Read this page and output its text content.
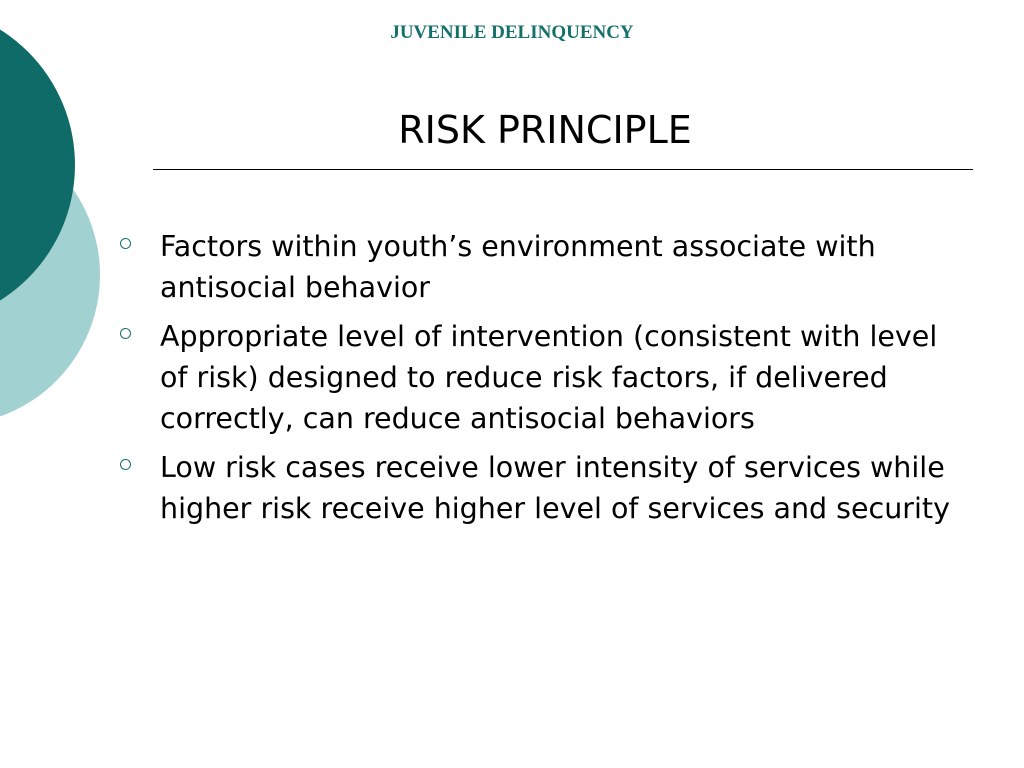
JUVENILE DELINQUENCY
RISK PRINCIPLE
Factors within youth’s environment associate with antisocial behavior
Appropriate level of intervention (consistent with level of risk) designed to reduce risk factors, if delivered correctly, can reduce antisocial behaviors
Low risk cases receive lower intensity of services while higher risk receive higher level of services and security
